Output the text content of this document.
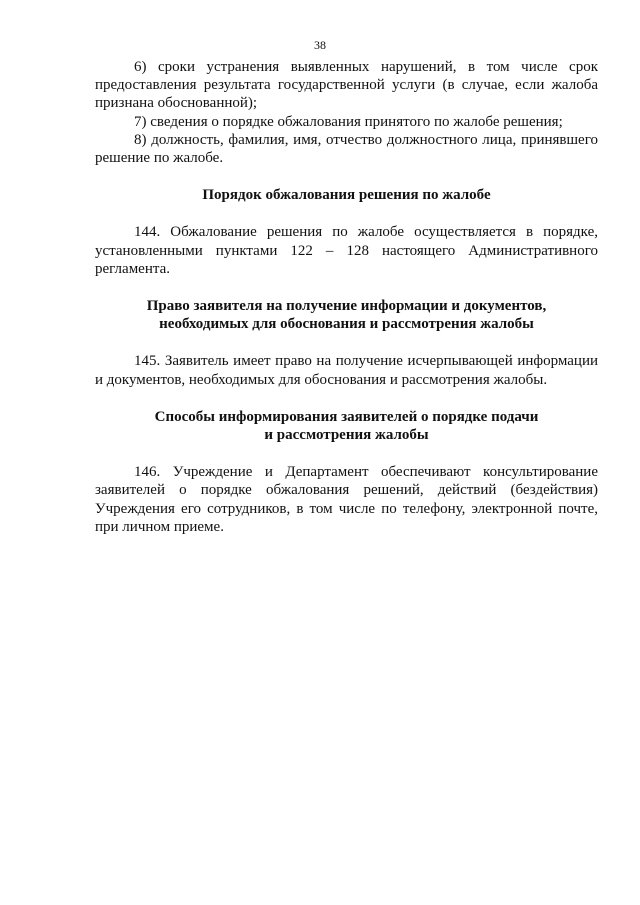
38

6) сроки устранения выявленных нарушений, в том числе срок предоставления результата государственной услуги (в случае, если жалоба признана обоснованной);

7) сведения о порядке обжалования принятого по жалобе решения;

8) должность, фамилия, имя, отчество должностного лица, принявшего решение по жалобе.

Порядок обжалования решения по жалобе

144. Обжалование решения по жалобе осуществляется в порядке, установленными пунктами 122 – 128 настоящего Административного регламента.

Право заявителя на получение информации и документов,
необходимых для обоснования и рассмотрения жалобы

145. Заявитель имеет право на получение исчерпывающей информации и документов, необходимых для обоснования и рассмотрения жалобы.

Способы информирования заявителей о порядке подачи
и рассмотрения жалобы

146. Учреждение и Департамент обеспечивают консультирование заявителей о порядке обжалования решений, действий (бездействия) Учреждения его сотрудников, в том числе по телефону, электронной почте, при личном приеме.
